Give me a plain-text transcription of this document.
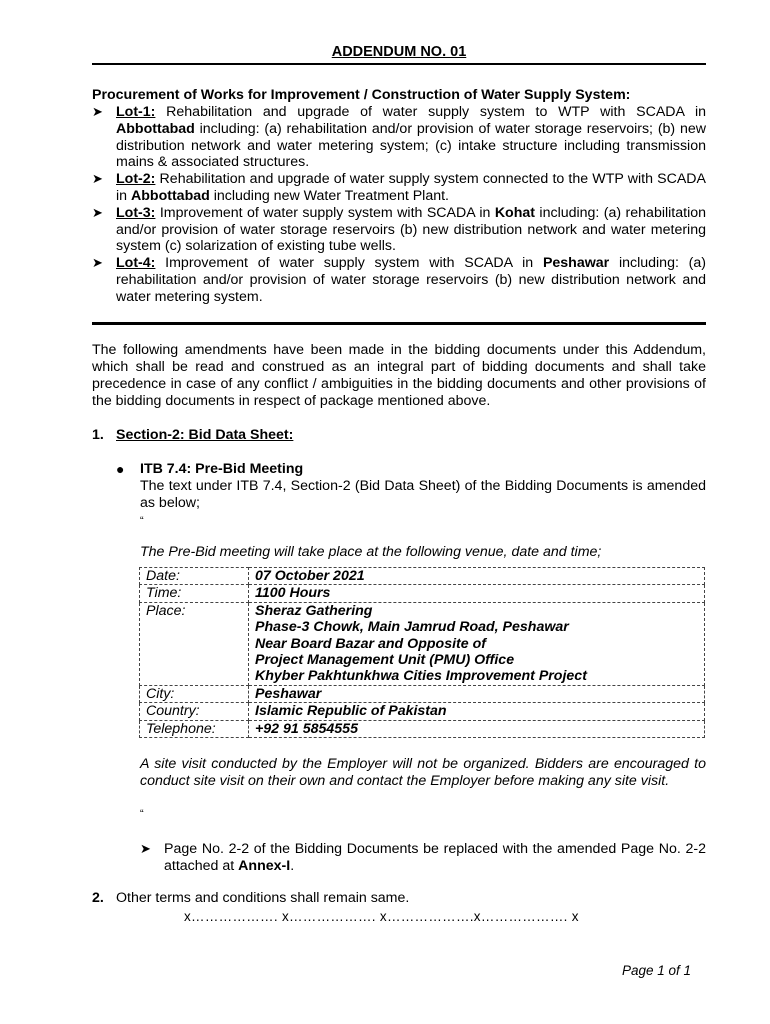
ADDENDUM NO. 01
Procurement of Works for Improvement / Construction of Water Supply System:
➤ Lot-1: Rehabilitation and upgrade of water supply system to WTP with SCADA in Abbottabad including: (a) rehabilitation and/or provision of water storage reservoirs; (b) new distribution network and water metering system; (c) intake structure including transmission mains & associated structures.
➤ Lot-2: Rehabilitation and upgrade of water supply system connected to the WTP with SCADA in Abbottabad including new Water Treatment Plant.
➤ Lot-3: Improvement of water supply system with SCADA in Kohat including: (a) rehabilitation and/or provision of water storage reservoirs (b) new distribution network and water metering system (c) solarization of existing tube wells.
➤ Lot-4: Improvement of water supply system with SCADA in Peshawar including: (a) rehabilitation and/or provision of water storage reservoirs (b) new distribution network and water metering system.
The following amendments have been made in the bidding documents under this Addendum, which shall be read and construed as an integral part of bidding documents and shall take precedence in case of any conflict / ambiguities in the bidding documents and other provisions of the bidding documents in respect of package mentioned above.
1. Section-2: Bid Data Sheet:
● ITB 7.4: Pre-Bid Meeting
The text under ITB 7.4, Section-2 (Bid Data Sheet) of the Bidding Documents is amended as below;
“
The Pre-Bid meeting will take place at the following venue, date and time;
Date:	07 October 2021
Time:	1100 Hours
Place:	Sheraz Gathering
Phase-3 Chowk, Main Jamrud Road, Peshawar
Near Board Bazar and Opposite of
Project Management Unit (PMU) Office
Khyber Pakhtunkhwa Cities Improvement Project

City:	Peshawar
Country:	Islamic Republic of Pakistan
Telephone:	+92 91 5854555
A site visit conducted by the Employer will not be organized. Bidders are encouraged to conduct site visit on their own and contact the Employer before making any site visit.
“
➤ Page No. 2-2 of the Bidding Documents be replaced with the amended Page No. 2-2 attached at Annex-I.
2. Other terms and conditions shall remain same.
x………………. x………………. x……………….x………………. x
Page 1 of 1
